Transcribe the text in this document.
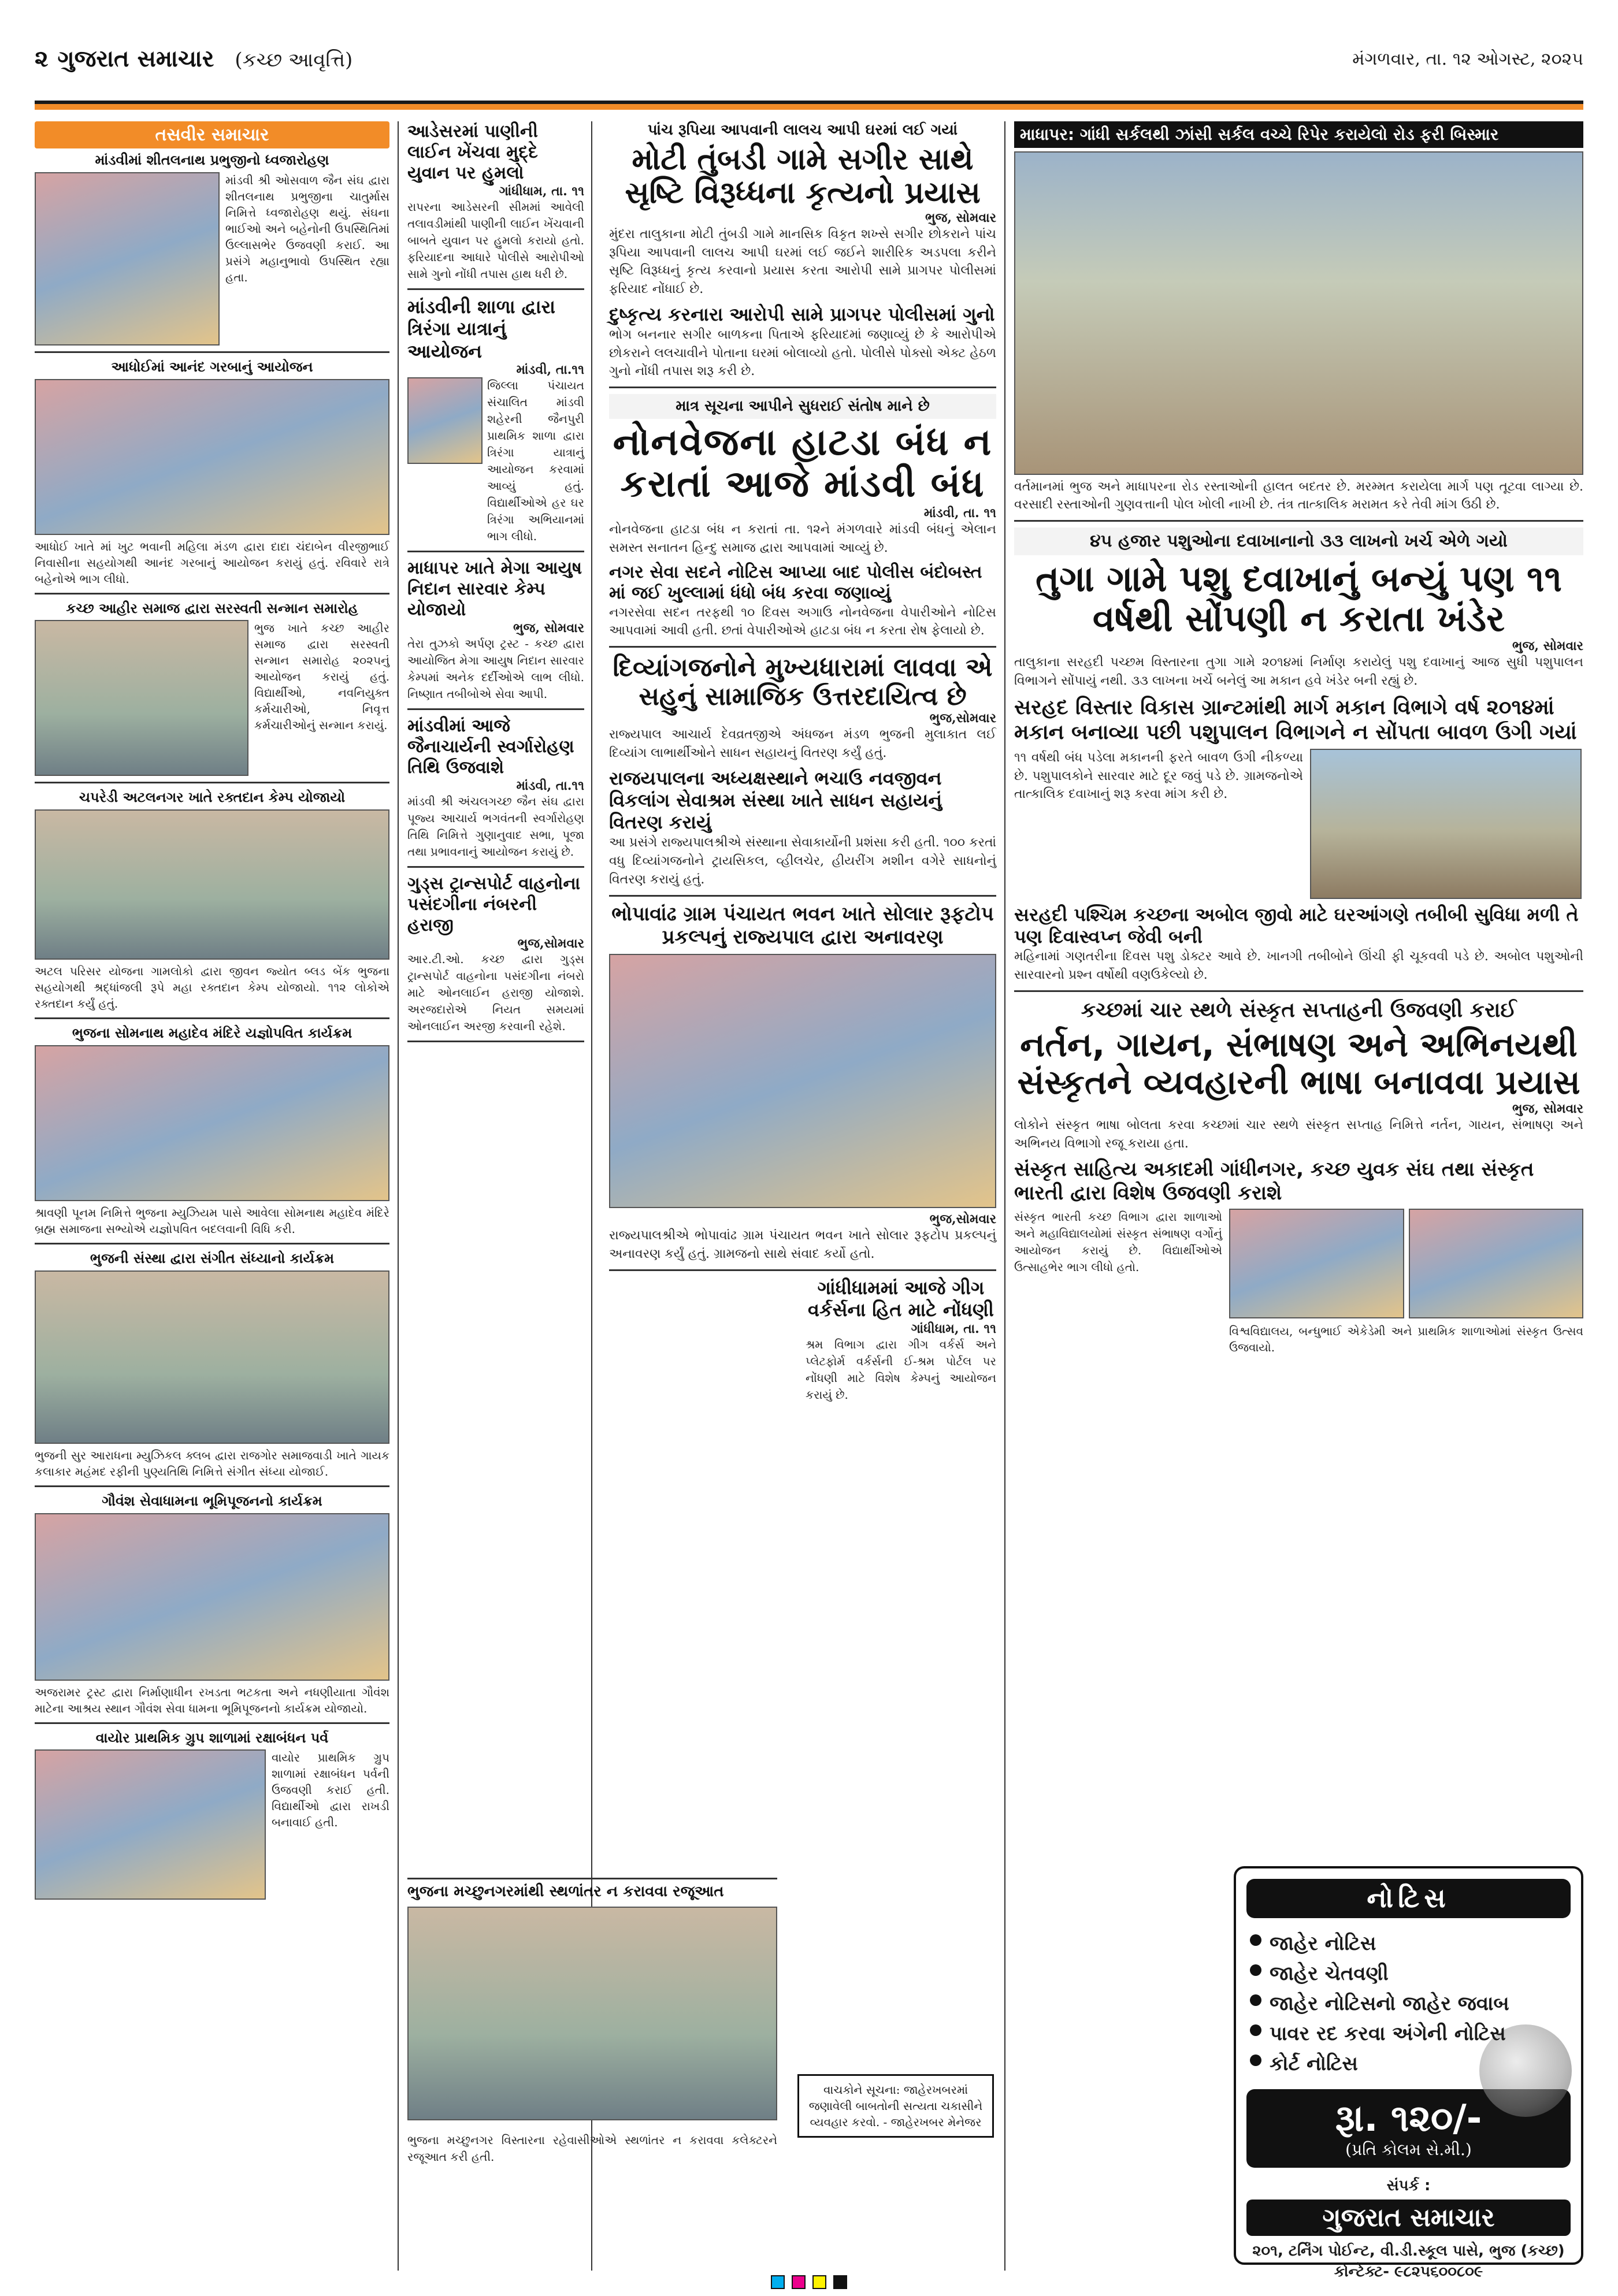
૨ ગુજરાત સમાચાર (કચ્છ આવૃત્તિ)	મંગળવાર, તા. ૧૨ ઓગસ્ટ, ૨૦૨૫
તસવીર સમાચાર
માંડવીમાં શીતલનાથ પ્રભુજીનો ધ્વજારોહણ
માંડવી શ્રી ઓસવાળ જૈન સંઘ દ્વારા શીતલનાથ પ્રભુજીના ચાતુર્માસ નિમિત્તે ધ્વજારોહણ થયું. સંઘના ભાઈઓ અને બહેનોની ઉપસ્થિતિમાં ઉલ્લાસભેર ઉજવણી કરાઈ. આ પ્રસંગે મહાનુભાવો ઉપસ્થિત રહ્યા હતા.
આધોઈમાં આનંદ ગરબાનું આયોજન
આધોઈ ખાતે માં ખુટ ભવાની મહિલા મંડળ દ્વારા દાદા ચંદાબેન વીરજીભાઈ નિવાસીના સહયોગથી આનંદ ગરબાનું આયોજન કરાયું હતું. રવિવારે રાત્રે બહેનોએ ભાગ લીધો.
કચ્છ આહીર સમાજ દ્વારા સરસ્વતી સન્માન સમારોહ
ભુજ ખાતે કચ્છ આહીર સમાજ દ્વારા સરસ્વતી સન્માન સમારોહ ૨૦૨૫નું આયોજન કરાયું હતું. વિદ્યાર્થીઓ, નવનિયુક્ત કર્મચારીઓ, નિવૃત્ત કર્મચારીઓનું સન્માન કરાયું.
ચપરેડી અટલનગર ખાતે રક્તદાન કેમ્પ યોજાયો
અટલ પરિસર યોજના ગામલોકો દ્વારા જીવન જ્યોત બ્લડ બેંક ભુજના સહયોગથી શ્રદ્ધાંજલી રૂપે મહા રક્તદાન કેમ્પ યોજાયો. ૧૧૨ લોકોએ રક્તદાન કર્યું હતું.
ભુજના સોમનાથ મહાદેવ મંદિરે યજ્ઞોપવિત કાર્યક્રમ
શ્રાવણી પૂનમ નિમિત્તે ભુજના મ્યુઝિયમ પાસે આવેલા સોમનાથ મહાદેવ મંદિરે બ્રહ્મ સમાજના સભ્યોએ યજ્ઞોપવિત બદલવાની વિધિ કરી.
ભુજની સંસ્થા દ્વારા સંગીત સંધ્યાનો કાર્યક્રમ
ભુજની સુર આરાધના મ્યુઝિકલ ક્લબ દ્વારા રાજગોર સમાજવાડી ખાતે ગાયક કલાકાર મહંમદ રફીની પુણ્યતિથિ નિમિત્તે સંગીત સંધ્યા યોજાઈ.
ગૌવંશ સેવાધામના ભૂમિપૂજનનો કાર્યક્રમ
અજરામર ટ્રસ્ટ દ્વારા નિર્માણાધીન રખડતા ભટકતા અને નધણીયાતા ગૌવંશ માટેના આશ્રય સ્થાન ગૌવંશ સેવા ધામના ભૂમિપૂજનનો કાર્યક્રમ યોજાયો.
વાયોર પ્રાથમિક ગ્રુપ શાળામાં રક્ષાબંધન પર્વ
વાયોર પ્રાથમિક ગ્રુપ શાળામાં રક્ષાબંધન પર્વની ઉજવણી કરાઈ હતી. વિદ્યાર્થીઓ દ્વારા રાખડી બનાવાઈ હતી.
આડેસરમાં પાણીની લાઈન ખેંચવા મુદ્દે યુવાન પર હુમલો
ગાંધીધામ, તા. ૧૧
રાપરના આડેસરની સીમમાં આવેલી તલાવડીમાંથી પાણીની લાઈન ખેંચવાની બાબતે યુવાન પર હુમલો કરાયો હતો. ફરિયાદના આધારે પોલીસે આરોપીઓ સામે ગુનો નોંધી તપાસ હાથ ધરી છે.
માંડવીની શાળા દ્વારા ત્રિરંગા યાત્રાનું આયોજન
માંડવી, તા.૧૧
જિલ્લા પંચાયત સંચાલિત માંડવી શહેરની જૈનપુરી પ્રાથમિક શાળા દ્વારા ત્રિરંગા યાત્રાનું આયોજન કરવામાં આવ્યું હતું. વિદ્યાર્થીઓએ હર ઘર ત્રિરંગા અભિયાનમાં ભાગ લીધો.
માધાપર ખાતે મેગા આયુષ નિદાન સારવાર કેમ્પ યોજાયો
ભુજ, સોમવાર
તેરા તુઝકો અર્પણ ટ્રસ્ટ - કચ્છ દ્વારા આયોજિત મેગા આયુષ નિદાન સારવાર કેમ્પમાં અનેક દર્દીઓએ લાભ લીધો. નિષ્ણાત તબીબોએ સેવા આપી.
માંડવીમાં આજે જૈનાચાર્યની સ્વર્ગારોહણ તિથિ ઉજવાશે
માંડવી, તા.૧૧
માંડવી શ્રી અંચલગચ્છ જૈન સંઘ દ્વારા પૂજ્ય આચાર્ય ભગવંતની સ્વર્ગારોહણ તિથિ નિમિત્તે ગુણાનુવાદ સભા, પૂજા તથા પ્રભાવનાનું આયોજન કરાયું છે.
ગુડ્સ ટ્રાન્સપોર્ટ વાહનોના પસંદગીના નંબરની હરાજી
ભુજ,સોમવાર
આર.ટી.ઓ. કચ્છ દ્વારા ગુડ્સ ટ્રાન્સપોર્ટ વાહનોના પસંદગીના નંબરો માટે ઓનલાઈન હરાજી યોજાશે. અરજદારોએ નિયત સમયમાં ઓનલાઈન અરજી કરવાની રહેશે.
ભુજના મચ્છુનગરમાંથી સ્થળાંતર ન કરાવવા રજૂઆત
ભુજના મચ્છુનગર વિસ્તારના રહેવાસીઓએ સ્થળાંતર ન કરાવવા કલેક્ટરને રજૂઆત કરી હતી.
પાંચ રૂપિયા આપવાની લાલચ આપી ઘરમાં લઈ ગયાં
મોટી તુંબડી ગામે સગીર સાથે સૃષ્ટિ વિરૂધ્ધના કૃત્યનો પ્રયાસ
ભુજ, સોમવાર
મુંદરા તાલુકાના મોટી તુંબડી ગામે માનસિક વિકૃત શખ્સે સગીર છોકરાને પાંચ રૂપિયા આપવાની લાલચ આપી ઘરમાં લઈ જઈને શારીરિક અડપલા કરીને સૃષ્ટિ વિરૂધ્ધનું કૃત્ય કરવાનો પ્રયાસ કરતા આરોપી સામે પ્રાગપર પોલીસમાં ફરિયાદ નોંધાઈ છે.
દુષ્કૃત્ય કરનારા આરોપી સામે પ્રાગપર પોલીસમાં ગુનો
ભોગ બનનાર સગીર બાળકના પિતાએ ફરિયાદમાં જણાવ્યું છે કે આરોપીએ છોકરાને લલચાવીને પોતાના ઘરમાં બોલાવ્યો હતો. પોલીસે પોક્સો એક્ટ હેઠળ ગુનો નોંધી તપાસ શરૂ કરી છે.
માત્ર સૂચના આપીને સુધરાઈ સંતોષ માને છે
નોનવેજના હાટડા બંધ ન કરાતાં આજે માંડવી બંધ
માંડવી, તા. ૧૧
નોનવેજના હાટડા બંધ ન કરાતાં તા. ૧૨ને મંગળવારે માંડવી બંધનું એલાન સમસ્ત સનાતન હિન્દુ સમાજ દ્વારા આપવામાં આવ્યું છે.
નગર સેવા સદને નોટિસ આપ્યા બાદ પોલીસ બંદોબસ્ત માં જઈ ખુલ્લામાં ધંધો બંધ કરવા જણાવ્યું
નગરસેવા સદન તરફથી ૧૦ દિવસ અગાઉ નોનવેજના વેપારીઓને નોટિસ આપવામાં આવી હતી. છતાં વેપારીઓએ હાટડા બંધ ન કરતા રોષ ફેલાયો છે.
દિવ્યાંગજનોને મુખ્યધારામાં લાવવા એ સહુનું સામાજિક ઉત્તરદાયિત્વ છે
ભુજ,સોમવાર
રાજ્યપાલ આચાર્ય દેવવ્રતજીએ અંધજન મંડળ ભુજની મુલાકાત લઈ દિવ્યાંગ લાભાર્થીઓને સાધન સહાયનું વિતરણ કર્યું હતું.
રાજયપાલના અધ્યક્ષસ્થાને ભચાઉ નવજીવન વિકલાંગ સેવાશ્રમ સંસ્થા ખાતે સાધન સહાયનું વિતરણ કરાયું
આ પ્રસંગે રાજ્યપાલશ્રીએ સંસ્થાના સેવાકાર્યોની પ્રશંસા કરી હતી. ૧૦૦ કરતાં વધુ દિવ્યાંગજનોને ટ્રાયસિકલ, વ્હીલચેર, હીયરીંગ મશીન વગેરે સાધનોનું વિતરણ કરાયું હતું.
ભોપાવાંઢ ગ્રામ પંચાયત ભવન ખાતે સોલાર રૂફટોપ પ્રકલ્પનું રાજ્યપાલ દ્વારા અનાવરણ
ભુજ,સોમવાર
રાજ્યપાલશ્રીએ ભોપાવાંઢ ગ્રામ પંચાયત ભવન ખાતે સોલાર રૂફટોપ પ્રકલ્પનું અનાવરણ કર્યું હતું. ગ્રામજનો સાથે સંવાદ કર્યો હતો.
ગાંધીધામમાં આજે ગીગ વર્કર્સના હિત માટે નોંધણી
ગાંધીધામ, તા. ૧૧
શ્રમ વિભાગ દ્વારા ગીગ વર્કર્સ અને પ્લેટફોર્મ વર્કર્સની ઈ-શ્રમ પોર્ટલ પર નોંધણી માટે વિશેષ કેમ્પનું આયોજન કરાયું છે.
વાચકોને સૂચના: જાહેરખબરમાં જણાવેલી બાબતોની સત્યતા ચકાસીને વ્યવહાર કરવો. - જાહેરખબર મેનેજર
માધાપર: ગાંધી સર્કલથી ઝાંસી સર્કલ વચ્ચે રિપેર કરાયેલો રોડ ફરી બિસ્માર
વર્તમાનમાં ભુજ અને માધાપરના રોડ રસ્તાઓની હાલત બદતર છે. મરમ્મત કરાયેલા માર્ગ પણ તૂટવા લાગ્યા છે. વરસાદી રસ્તાઓની ગુણવત્તાની પોલ ખોલી નાખી છે. તંત્ર તાત્કાલિક મરામત કરે તેવી માંગ ઉઠી છે.
૪૫ હજાર પશુઓના દવાખાનાનો ૩૩ લાખનો ખર્ચ એળે ગયો
તુગા ગામે પશુ દવાખાનું બન્યું પણ ૧૧ વર્ષથી સોંપણી ન કરાતા ખંડેર
ભુજ, સોમવાર
તાલુકાના સરહદી પચ્છમ વિસ્તારના તુગા ગામે ૨૦૧૪માં નિર્માણ કરાયેલું પશુ દવાખાનું આજ સુધી પશુપાલન વિભાગને સોંપાયું નથી. ૩૩ લાખના ખર્ચે બનેલું આ મકાન હવે ખંડેર બની રહ્યું છે.
સરહદ વિસ્તાર વિકાસ ગ્રાન્ટમાંથી માર્ગ મકાન વિભાગે વર્ષ ૨૦૧૪માં મકાન બનાવ્યા પછી પશુપાલન વિભાગને ન સોંપતા બાવળ ઉગી ગયાં
૧૧ વર્ષથી બંધ પડેલા મકાનની ફરતે બાવળ ઉગી નીકળ્યા છે. પશુપાલકોને સારવાર માટે દૂર જવું પડે છે. ગ્રામજનોએ તાત્કાલિક દવાખાનું શરૂ કરવા માંગ કરી છે.
સરહદી પશ્ચિમ કચ્છના અબોલ જીવો માટે ઘરઆંગણે તબીબી સુવિધા મળી તે પણ દિવાસ્વપ્ન જેવી બની
મહિનામાં ગણતરીના દિવસ પશુ ડોક્ટર આવે છે. ખાનગી તબીબોને ઊંચી ફી ચૂકવવી પડે છે. અબોલ પશુઓની સારવારનો પ્રશ્ન વર્ષોથી વણઉકેલ્યો છે.
કચ્છમાં ચાર સ્થળે સંસ્કૃત સપ્તાહની ઉજવણી કરાઈ
નર્તન, ગાયન, સંભાષણ અને અભિનયથી સંસ્કૃતને વ્યવહારની ભાષા બનાવવા પ્રયાસ
ભુજ, સોમવાર
લોકોને સંસ્કૃત ભાષા બોલતા કરવા કચ્છમાં ચાર સ્થળે સંસ્કૃત સપ્તાહ નિમિત્તે નર્તન, ગાયન, સંભાષણ અને અભિનય વિભાગો રજૂ કરાયા હતા.
સંસ્કૃત સાહિત્ય અકાદમી ગાંધીનગર, કચ્છ યુવક સંઘ તથા સંસ્કૃત ભારતી દ્વારા વિશેષ ઉજવણી કરાશે
સંસ્કૃત ભારતી કચ્છ વિભાગ દ્વારા શાળાઓ અને મહાવિદ્યાલયોમાં સંસ્કૃત સંભાષણ વર્ગોનું આયોજન કરાયું છે. વિદ્યાર્થીઓએ ઉત્સાહભેર ભાગ લીધો હતો.
વિશ્વવિદ્યાલય, બન્ધુભાઈ એકેડેમી અને પ્રાથમિક શાળાઓમાં સંસ્કૃત ઉત્સવ ઉજવાયો.
નોટિસ
જાહેર નોટિસ
જાહેર ચેતવણી
જાહેર નોટિસનો જાહેર જવાબ
પાવર રદ કરવા અંગેની નોટિસ
કોર્ટ નોટિસ
રૂા. ૧૨૦/-
(પ્રતિ કોલમ સે.મી.)
સંપર્ક :
ગુજરાત સમાચાર
૨૦૧, ટર્નિંગ પોઈન્ટ, વી.ડી.સ્કૂલ પાસે, ભુજ (કચ્છ) કોન્ટેક્ટ- ૯૮૨૫૬૦૦૮૦૯
